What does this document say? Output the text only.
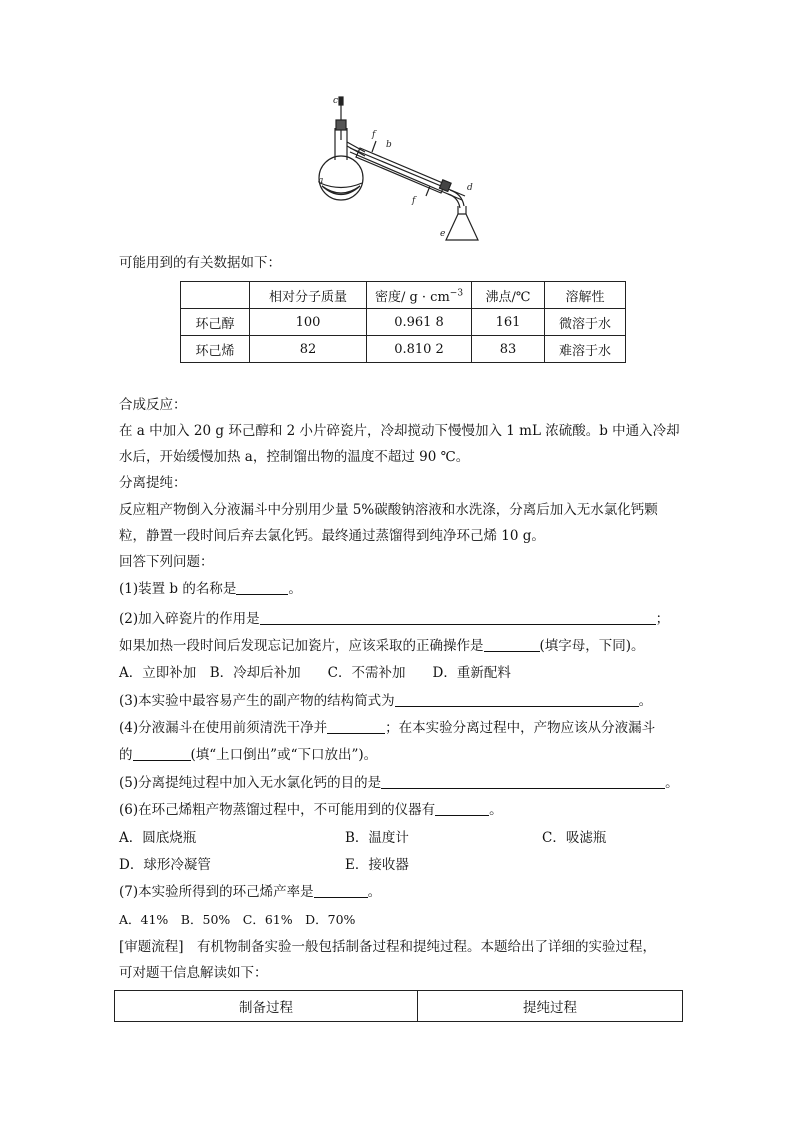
c
a
b
f
f
d
e
可能用到的有关数据如下：
	相对分子质量	密度/ $g \cdot cm^{-3}$	沸点/℃	溶解性
环己醇	100	0.961 8	161	微溶于水
环己烯	82	0.810 2	83	难溶于水
合成反应：
在 a 中加入 20 g 环己醇和 2 小片碎瓷片，冷却搅动下慢慢加入 1 mL 浓硫酸。b 中通入冷却
水后，开始缓慢加热 a，控制馏出物的温度不超过 90 ℃。
分离提纯：
反应粗产物倒入分液漏斗中分别用少量 5%碳酸钠溶液和水洗涤，分离后加入无水氯化钙颗
粒，静置一段时间后弃去氯化钙。最终通过蒸馏得到纯净环己烯 10 g。
回答下列问题：
(1)装置 b 的名称是	。
(2)加入碎瓷片的作用是	；
如果加热一段时间后发现忘记加瓷片，应该采取的正确操作是	(填字母，下同)。
A．立即补加　B．冷却后补加　　C．不需补加　　D．重新配料
(3)本实验中最容易产生的副产物的结构简式为	。
(4)分液漏斗在使用前须清洗干净并	；在本实验分离过程中，产物应该从分液漏斗
的	(填“上口倒出”或“下口放出”)。
(5)分离提纯过程中加入无水氯化钙的目的是	。
(6)在环己烯粗产物蒸馏过程中，不可能用到的仪器有	。
A．圆底烧瓶	B．温度计	C．吸滤瓶
D．球形冷凝管	E．接收器
(7)本实验所得到的环己烯产率是	。
A．41%　B．50%　C．61%　D．70%
[审题流程]　有机物制备实验一般包括制备过程和提纯过程。本题给出了详细的实验过程，
可对题干信息解读如下：
制备过程	提纯过程
